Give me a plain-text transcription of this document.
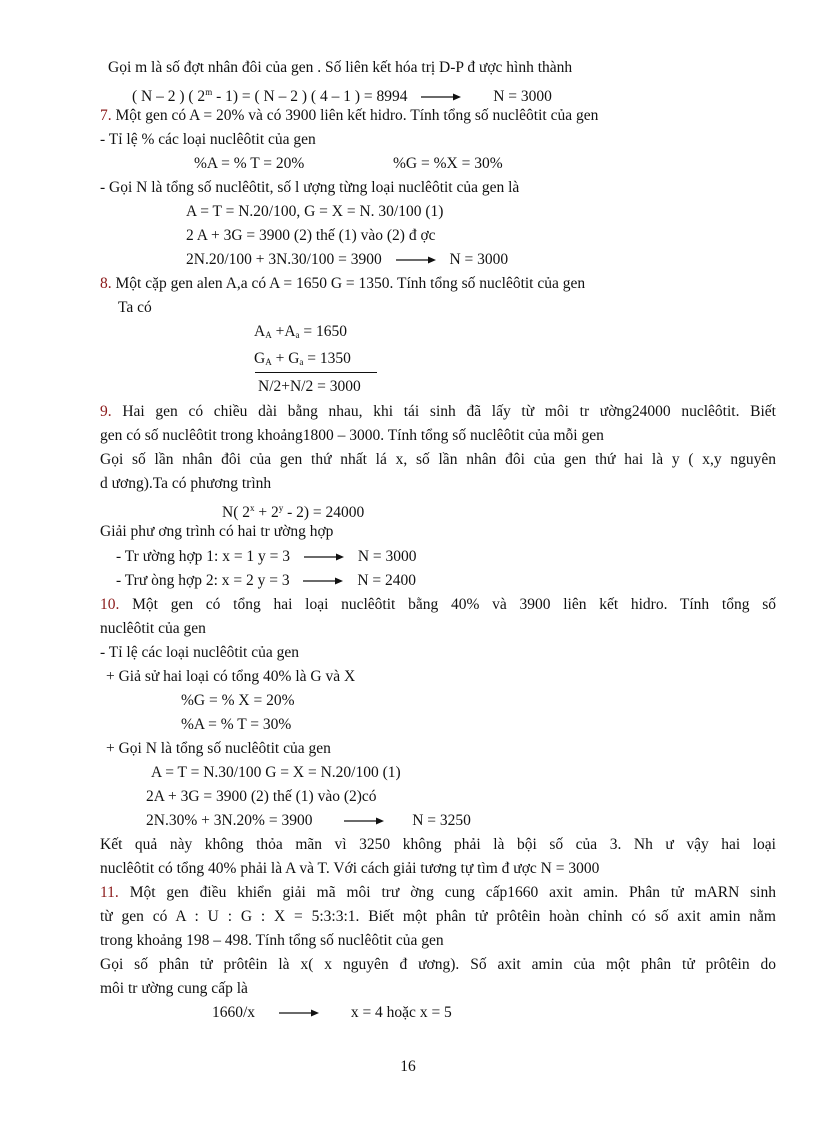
Gọi m là số đợt nhân đôi của gen . Số liên kết hóa trị D-P đ ược hình thành
( N – 2 ) ( 2$^m$ - 1) = ( N – 2 ) ( 4 – 1 ) = 8994	N = 3000
7. Một gen có A = 20% và có 3900 liên kết hidro. Tính tổng số nuclêôtit của gen
- Tỉ lệ % các loại nuclêôtit của gen
%A = % T = 20%	%G = %X = 30%
- Gọi N là tổng số nuclêôtit, số l ượng từng loại nuclêôtit của gen là
A = T = N.20/100, G = X = N. 30/100 (1)
2 A + 3G = 3900 (2) thế (1) vào (2) đ ợc
2N.20/100 + 3N.30/100 = 3900	N = 3000
8. Một cặp gen alen A,a có A = 1650 G = 1350. Tính tổng số nuclêôtit của gen
Ta có
$A_A +A_a = 1650$
$G_A + G_a = 1350$
N/2+N/2 = 3000
9. Hai gen có chiều dài bằng nhau, khi tái sinh đã lấy từ môi tr ường24000 nuclêôtit. Biết
gen có số nuclêôtit trong khoảng1800 – 3000. Tính tổng số nuclêôtit của mỗi gen
Gọi số lần nhân đôi của gen thứ nhất lá x, số lần nhân đôi của gen thứ hai là y ( x,y nguyên
d ương).Ta có phương trình
N( $2^x + 2^y - 2) = 24000$
Giải phư ơng trình có hai tr ường hợp
- Tr ường hợp 1: x = 1 y = 3	N = 3000
- Trư òng hợp 2: x = 2 y = 3	N = 2400
10. Một gen có tổng hai loại nuclêôtit bằng 40% và 3900 liên kết hidro. Tính tổng số
nuclêôtit của gen
- Tỉ lệ các loại nuclêôtit của gen
+ Giả sử hai loại có tổng 40% là G và X
%G = % X = 20%
%A = % T = 30%
+ Gọi N là tổng số nuclêôtit của gen
A = T = N.30/100 G = X = N.20/100 (1)
2A + 3G = 3900 (2) thế (1) vào (2)có
2N.30% + 3N.20% = 3900	N = 3250
Kết quả này không thỏa mãn vì 3250 không phải là bội số của 3. Nh ư vậy hai loại
nuclêôtit có tổng 40% phải là A và T. Với cách giải tương tự tìm đ ược N = 3000
11. Một gen điều khiển giải mã môi trư ờng cung cấp1660 axit amin. Phân tử mARN sinh
từ gen có A : U : G : X = 5:3:3:1. Biết một phân tử prôtêin hoàn chỉnh có số axit amin nằm
trong khoảng 198 – 498. Tính tổng số nuclêôtit của gen
Gọi số phân tử prôtêin là x( x nguyên đ ương). Số axit amin của một phân tử prôtêin do
môi tr ường cung cấp là
1660/x	x = 4 hoặc x = 5
16
